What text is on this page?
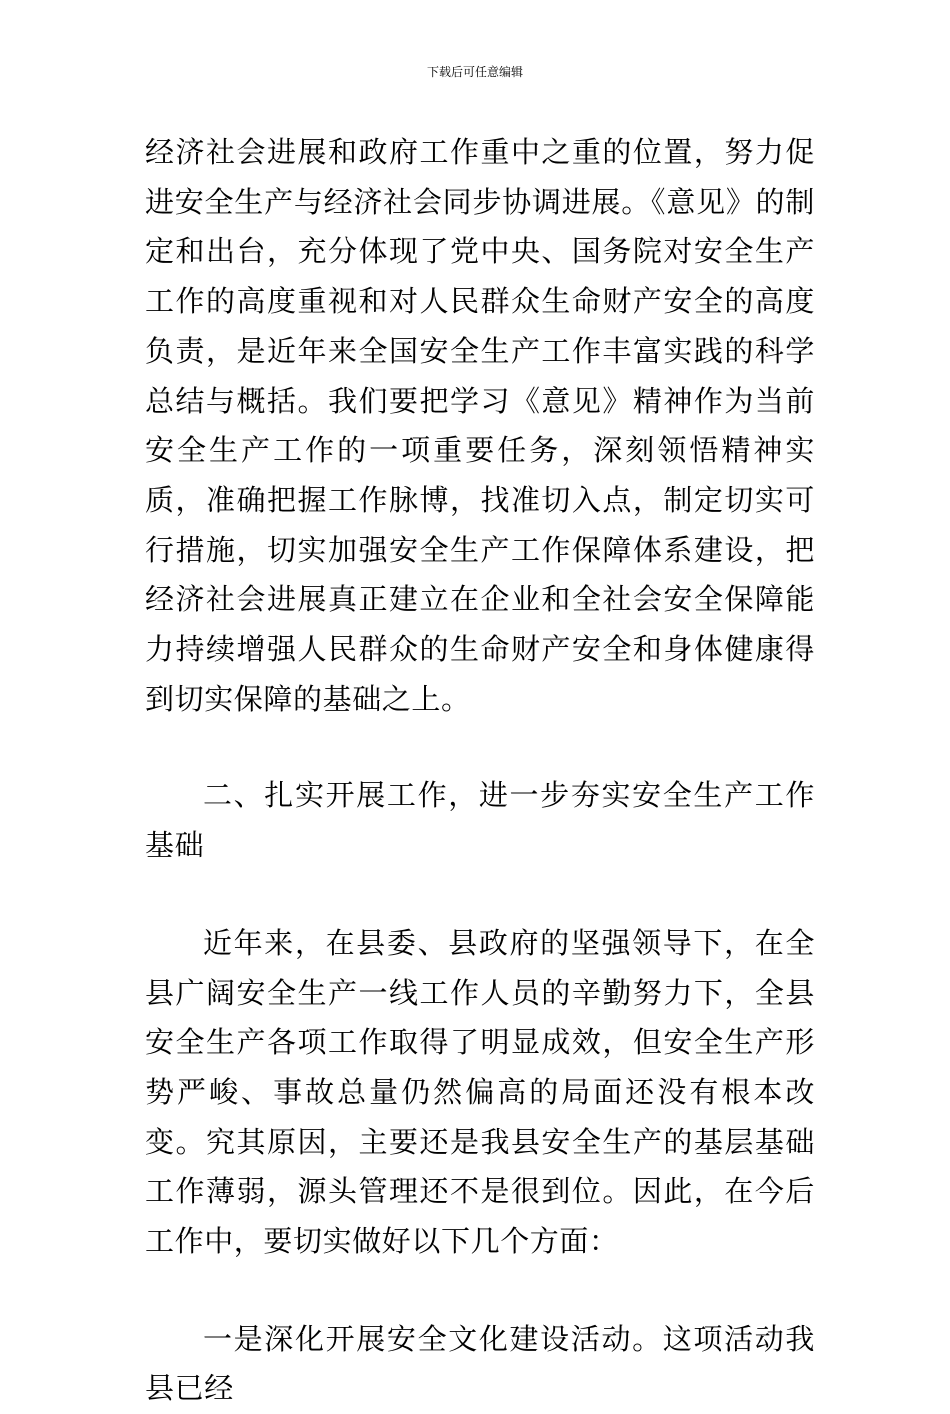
下载后可任意编辑

经济社会进展和政府工作重中之重的位置，努力促进安全生产与经济社会同步协调进展。《意见》的制定和出台，充分体现了党中央、国务院对安全生产工作的高度重视和对人民群众生命财产安全的高度负责，是近年来全国安全生产工作丰富实践的科学总结与概括。我们要把学习《意见》精神作为当前安全生产工作的一项重要任务，深刻领悟精神实质，准确把握工作脉博，找准切入点，制定切实可行措施，切实加强安全生产工作保障体系建设，把经济社会进展真正建立在企业和全社会安全保障能力持续增强人民群众的生命财产安全和身体健康得到切实保障的基础之上。

二、扎实开展工作，进一步夯实安全生产工作基础

近年来，在县委、县政府的坚强领导下，在全县广阔安全生产一线工作人员的辛勤努力下，全县安全生产各项工作取得了明显成效，但安全生产形势严峻、事故总量仍然偏高的局面还没有根本改变。究其原因，主要还是我县安全生产的基层基础工作薄弱，源头管理还不是很到位。因此，在今后工作中，要切实做好以下几个方面：

一是深化开展安全文化建设活动。这项活动我县已经
